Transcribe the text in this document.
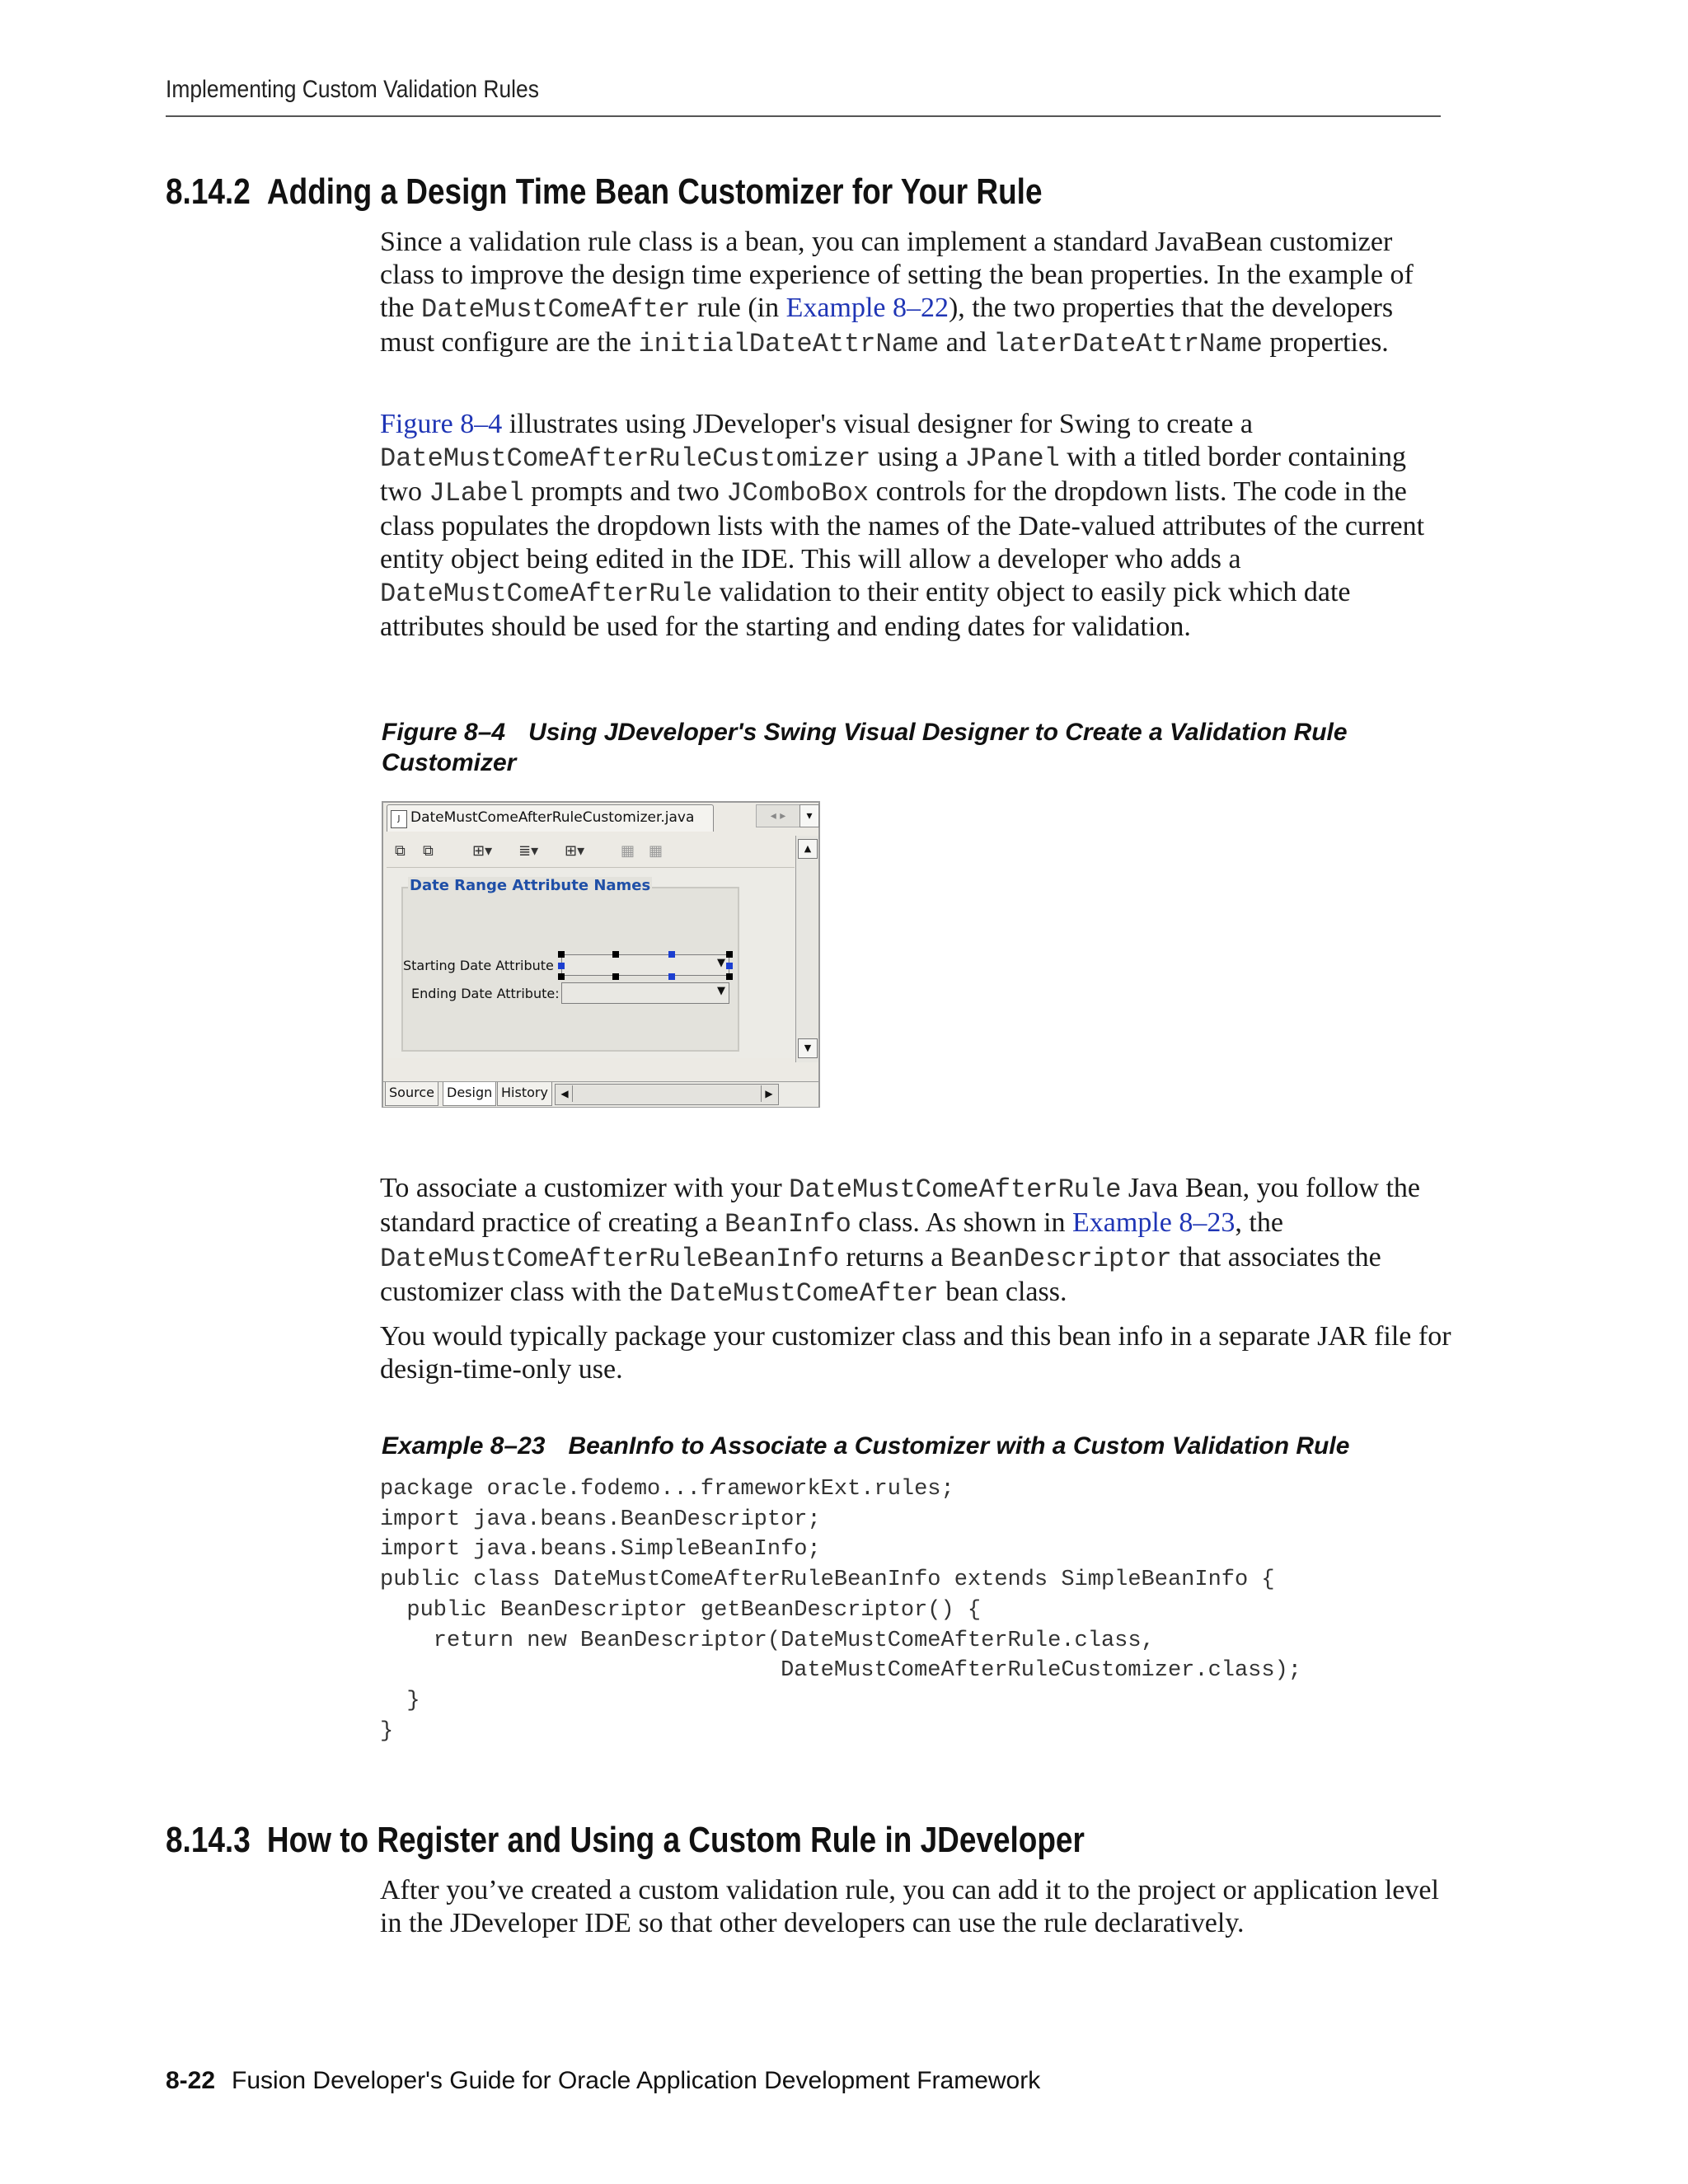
Implementing Custom Validation Rules
8.14.2 Adding a Design Time Bean Customizer for Your Rule

Since a validation rule class is a bean, you can implement a standard JavaBean customizer class to improve the design time experience of setting the bean properties. In the example of the DateMustComeAfter rule (in Example 8–22), the two properties that the developers must configure are the initialDateAttrName and laterDateAttrName properties.

Figure 8–4 illustrates using JDeveloper's visual designer for Swing to create a DateMustComeAfterRuleCustomizer using a JPanel with a titled border containing two JLabel prompts and two JComboBox controls for the dropdown lists. The code in the class populates the dropdown lists with the names of the Date-valued attributes of the current entity object being edited in the IDE. This will allow a developer who adds a DateMustComeAfterRule validation to their entity object to easily pick which date attributes should be used for the starting and ending dates for validation.

Figure 8–4 Using JDeveloper's Swing Visual Designer to Create a Validation Rule Customizer
J DateMustComeAfterRuleCustomizer.java	◂ ▸	▾
⧉ ⧉	⊞▾ ≣▾ ⊞▾ ▦ ▦
Date Range Attribute Names
Starting Date Attribute	▼
Ending Date Attribute:	▼
▲
▼
Source Design History	◀	▶

To associate a customizer with your DateMustComeAfterRule Java Bean, you follow the standard practice of creating a BeanInfo class. As shown in Example 8–23, the DateMustComeAfterRuleBeanInfo returns a BeanDescriptor that associates the customizer class with the DateMustComeAfter bean class.

You would typically package your customizer class and this bean info in a separate JAR file for design-time-only use.

Example 8–23 BeanInfo to Associate a Customizer with a Custom Validation Rule
package oracle.fodemo...frameworkExt.rules;
import java.beans.BeanDescriptor;
import java.beans.SimpleBeanInfo;
public class DateMustComeAfterRuleBeanInfo extends SimpleBeanInfo {
public BeanDescriptor getBeanDescriptor() {
return new BeanDescriptor(DateMustComeAfterRule.class,
DateMustComeAfterRuleCustomizer.class);
}
}
8.14.3 How to Register and Using a Custom Rule in JDeveloper

After you’ve created a custom validation rule, you can add it to the project or application level in the JDeveloper IDE so that other developers can use the rule declaratively.

8-22 Fusion Developer's Guide for Oracle Application Development Framework
